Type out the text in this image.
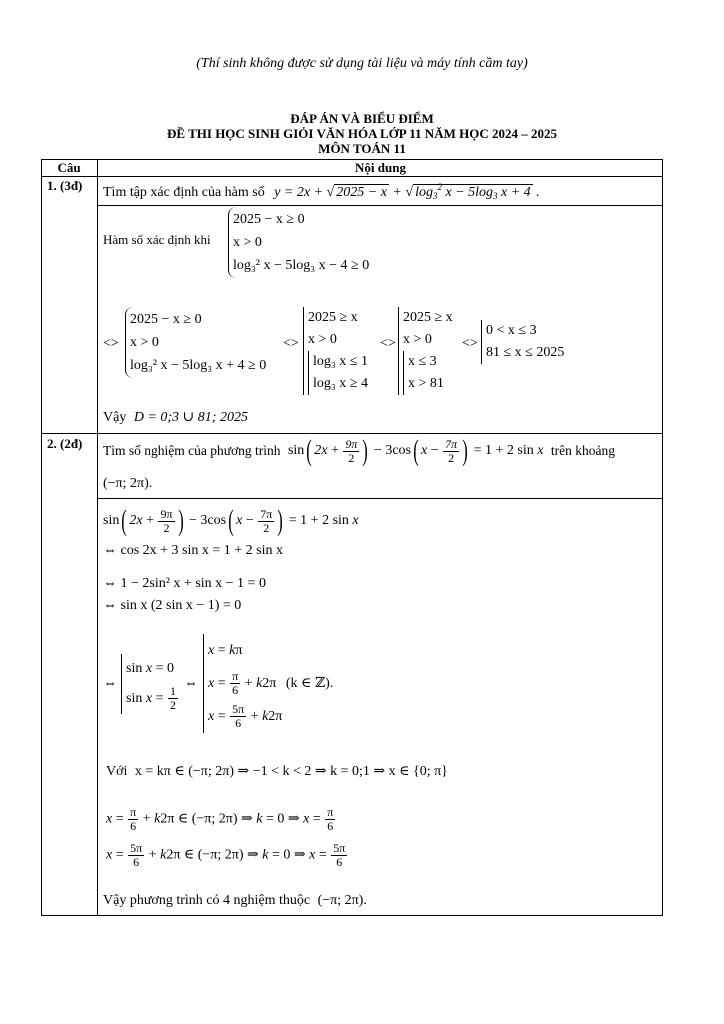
(Thí sinh không được sử dụng tài liệu và máy tính cầm tay)
ĐÁP ÁN VÀ BIỂU ĐIỂM
ĐỀ THI HỌC SINH GIỎI VĂN HÓA LỚP 11 NĂM HỌC 2024 – 2025
MÔN TOÁN 11
Câu	Nội dung
1. (3đ) Tìm tập xác định của hàm số y = 2x + √ 2025 − x + √ $\log_3^2 x - 5\log_3$ x + 4 .
Hàm số xác định khi
2025 − x ≥ 0
x > 0
log₃² x − 5log₃ x − 4 ≥ 0
<>
2025 − x ≥ 0
x > 0
log₃² x − 5log₃ x + 4 ≥ 0
<>
2025 ≥ x
x > 0
log₃ x ≤ 1
log₃ x ≥ 4
<>
2025 ≥ x
x > 0
x ≤ 3
x > 81
<>
0 < x ≤ 3
81 ≤ x ≤ 2025
Vậy D = 0;3 ∪ 81; 2025
2. (2đ) Tìm số nghiệm của phương trình sin( $2x + \frac{9\pi}{2}$ ) − 3cos( $x - \frac{7\pi}{2}$ ) = 1 + 2 sin x trên khoảng
(−π; 2π).
sin( $2x + \frac{9\pi}{2}$ ) − 3cos( $x - \frac{7\pi}{2}$ ) = 1 + 2 sin x
⇔ cos 2x + 3 sin x = 1 + 2 sin x
⇔ 1 − 2sin² x + sin x − 1 = 0
⇔ sin x (2 sin x − 1) = 0
⇔
sin x = 0
$\sin x = \frac{1}{2}$
⇔
x = kπ
$x = \frac{\pi}{6} + k2\pi$ (k ∈ ℤ).
$x = \frac{5\pi}{6} + k2\pi$
Với x = kπ ∈ (−π; 2π) ⇒ −1 < k < 2 ⇒ k = 0;1 ⇒ x ∈ {0; π}
$x = \frac{\pi}{6} + k2\pi$ ∈ (−π; 2π) ⇒ k = 0 ⇒ $x = \frac{\pi}{6}$
$x = \frac{5\pi}{6} + k2\pi$ ∈ (−π; 2π) ⇒ k = 0 ⇒ $x = \frac{5\pi}{6}$
Vậy phương trình có 4 nghiệm thuộc (−π; 2π).
